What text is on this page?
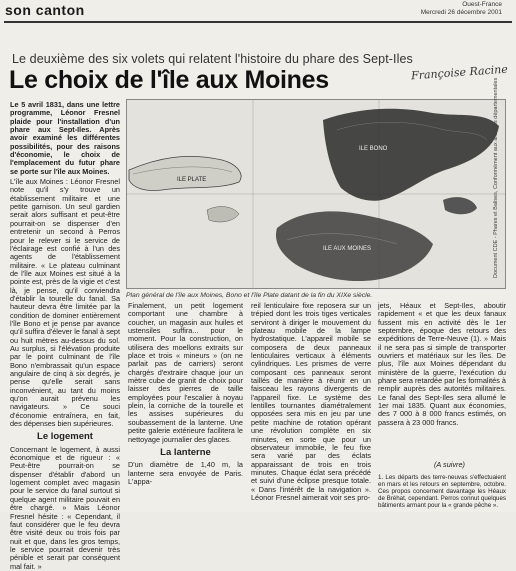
son canton	Ouest-France
Mercredi 26 décembre 2001
Le deuxième des six volets qui relatent l'histoire du phare des Sept-Iles
Le choix de l'île aux Moines	Françoise Racine

Le 5 avril 1831, dans une lettre programme, Léonor Fresnel plaide pour l'installation d'un phare aux Sept-Iles. Après avoir examiné les différentes possibilités, pour des raisons d'économie, le choix de l'emplacement du futur phare se porte sur l'île aux Moines.

L'île aux Moines : Léonor Fresnel note qu'il s'y trouve un établissement militaire et une petite garnison. Un seul gardien serait alors suffisant et peut-être pourrait-on se dispenser d'en entretenir un second à Perros pour le relever si le service de l'éclairage est confié à l'un des agents de l'établissement militaire. « Le plateau culminant de l'île aux Moines est situé à la pointe est, près de la vigie et c'est là, je pense, qu'il conviendra d'établir la tourelle du fanal. Sa hauteur devra être limitée par la condition de dominer entièrement l'île Bono et je pense par avance qu'il suffira d'élever le fanal à sept ou huit mètres au-dessus du sol. Au surplus, si l'élévation produite par le point culminant de l'île Bono n'embrassait qu'un espace angulaire de cinq à six degrés, je pense qu'elle serait sans inconvénient, au tant du moins qu'on aurait prévenu les navigateurs. » Ce souci d'économie entraînera, en fait, des dépenses bien supérieures.

Le logement

Concernant le logement, à aussi économique et de rigueur : « Peut-être pourrait-on se dispenser d'établir d'abord un logement complet avec magasin pour le service du fanal surtout si quelque agent militaire pouvait en être chargé. » Mais Léonor Fresnel hésite : « Cependant, il faut considérer que le feu devra être visité deux ou trois fois par nuit et que, dans les gros temps, le service pourrait devenir très pénible et serait par conséquent mal fait. »

ILE PLATE
ILE BONO
ILE AUX MOINES	Document CDE - Phares et Balises, Conformément aux archives départementales
Plan général de l'île aux Moines, Bono et l'île Plate datant de la fin du XIXe siècle.

Finalement, un petit logement comportant une chambre à coucher, un magasin aux huiles et ustensiles suffira... pour le moment. Pour la construction, on utilisera des moellons extraits sur place et trois « mineurs » (on ne parlait pas de carriers) seront chargés d'extraire chaque jour un mètre cube de granit de choix pour laisser des pierres de taille employées pour l'escalier à noyau plein, la corniche de la tourelle et les assises supérieures du soubassement de la lanterne. Une petite galerie extérieure facilitera le nettoyage journalier des glaces.

La lanterne

D'un diamètre de 1,40 m, la lanterne sera envoyée de Paris. L'appa-

reil lenticulaire fixe reposera sur un trépied dont les trois tiges verticales serviront à diriger le mouvement du plateau mobile de la lampe hydrostatique. L'appareil mobile se composera de deux panneaux lenticulaires verticaux à éléments cylindriques. Les prismes de verre composant ces panneaux seront taillés de manière à réunir en un faisceau les rayons divergents de l'appareil fixe. Le système des lentilles tournantes diamétralement opposées sera mis en jeu par une petite machine de rotation opérant une révolution complète en six minutes, en sorte que pour un observateur immobile, le feu fixe sera varié par des éclats apparaissant de trois en trois minutes. Chaque éclat sera précédé et suivi d'une éclipse presque totale. « Dans l'intérêt de la navigation ». Léonor Fresnel aimerait voir ses pro-

jets, Héaux et Sept-Iles, aboutir rapidement « et que les deux fanaux fussent mis en activité dès le 1er septembre, époque des retours des expéditions de Terre-Neuve (1). » Mais il ne sera pas si simple de transporter ouvriers et matériaux sur les îles. De plus, l'île aux Moines dépendant du ministère de la guerre, l'exécution du phare sera retardée par les formalités à remplir auprès des autorités militaires. Le fanal des Sept-Iles sera allumé le 1er mai 1835. Quant aux économies, des 7 000 à 8 000 francs estimés, on passera à 23 000 francs.

(A suivre)

1. Les départs des terre-neuvas s'effectuaient en mars et les retours en septembre, octobre. Ces propos concernent davantage les Héaux de Bréhat, cependant. Perros connut quelques bâtiments armant pour la « grande pêche ».
